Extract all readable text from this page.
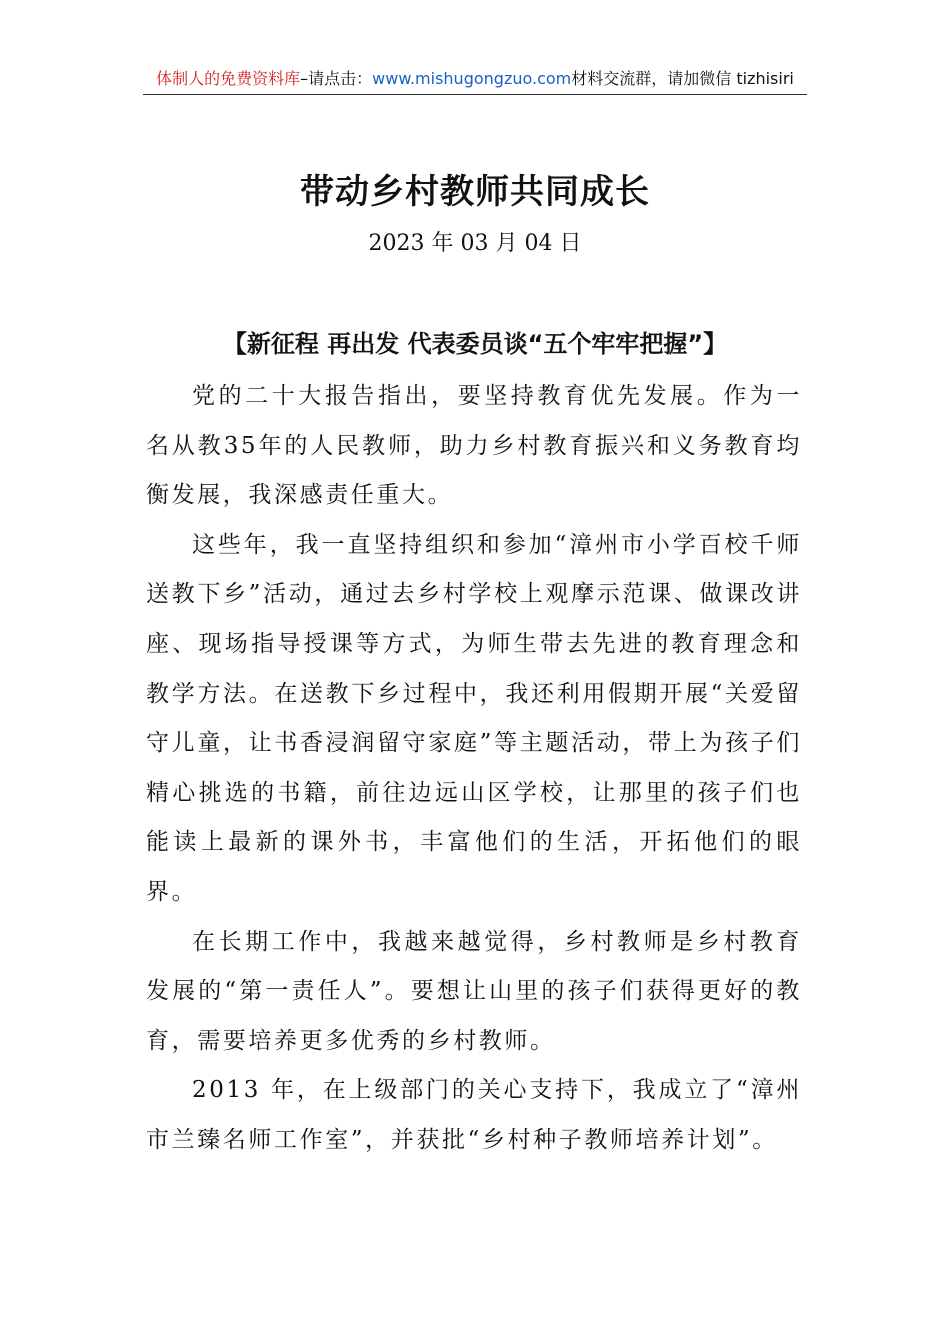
体制人的免费资料库–请点击：www.mishugongzuo.com材料交流群，请加微信 tizhisiri
带动乡村教师共同成长
2023 年 03 月 04 日
【新征程 再出发 代表委员谈“五个牢牢把握”】

党的二十大报告指出，要坚持教育优先发展。作为一名从教35年的人民教师，助力乡村教育振兴和义务教育均衡发展，我深感责任重大。

这些年，我一直坚持组织和参加“漳州市小学百校千师送教下乡”活动，通过去乡村学校上观摩示范课、做课改讲座、现场指导授课等方式，为师生带去先进的教育理念和教学方法。在送教下乡过程中，我还利用假期开展“关爱留守儿童，让书香浸润留守家庭”等主题活动，带上为孩子们精心挑选的书籍，前往边远山区学校，让那里的孩子们也能读上最新的课外书，丰富他们的生活，开拓他们的眼界。

在长期工作中，我越来越觉得，乡村教师是乡村教育发展的“第一责任人”。要想让山里的孩子们获得更好的教育，需要培养更多优秀的乡村教师。

2013 年，在上级部门的关心支持下，我成立了“漳州市兰臻名师工作室”，并获批“乡村种子教师培养计划”。
